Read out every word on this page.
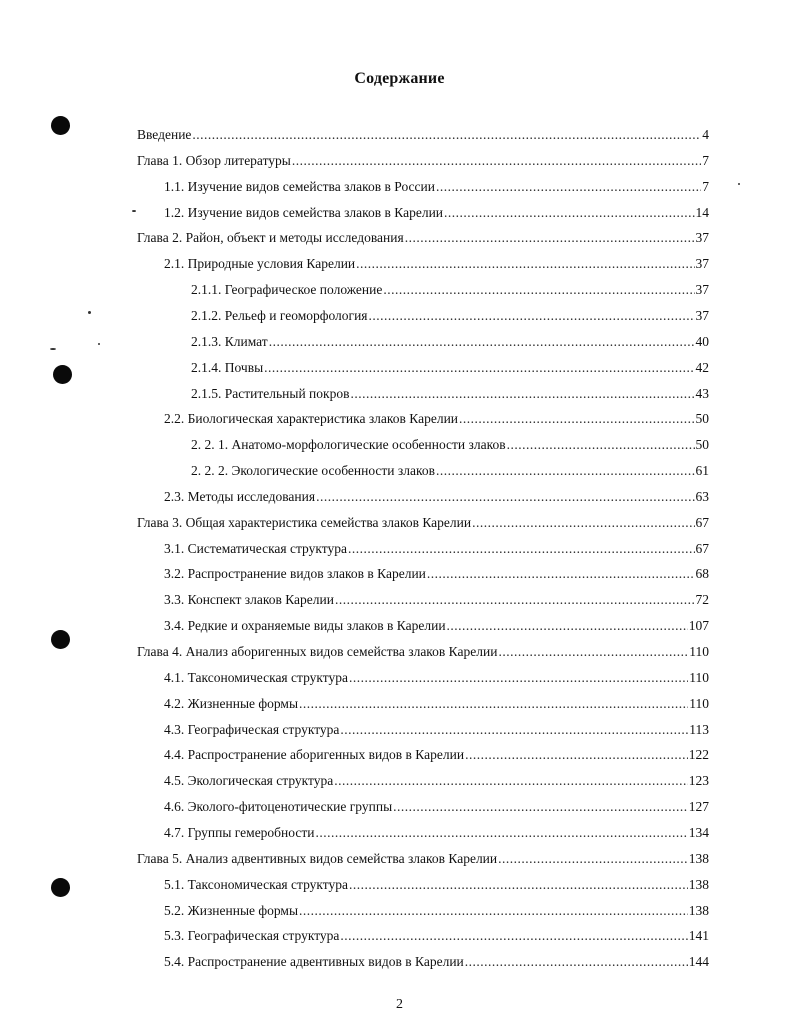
Содержание
Введение .....	4
Глава 1. Обзор литературы .....	7
1.1. Изучение видов семейства злаков в России .....	7
1.2. Изучение видов семейства злаков в Карелии .....	14
Глава 2. Район, объект и методы исследования .....	37
2.1. Природные условия Карелии .....	37
2.1.1. Географическое положение .....	37
2.1.2. Рельеф и геоморфология .....	37
2.1.3. Климат .....	40
2.1.4. Почвы .....	42
2.1.5. Растительный покров .....	43
2.2. Биологическая характеристика злаков Карелии .....	50
2. 2. 1. Анатомо-морфологические особенности злаков .....	50
2. 2. 2. Экологические особенности злаков .....	61
2.3. Методы исследования .....	63
Глава 3. Общая характеристика семейства злаков Карелии .....	67
3.1. Систематическая структура .....	67
3.2. Распространение видов злаков в Карелии .....	68
3.3. Конспект злаков Карелии .....	72
3.4. Редкие и охраняемые виды злаков в Карелии .....	107
Глава 4. Анализ аборигенных видов семейства злаков Карелии .....	110
4.1. Таксономическая структура .....	110
4.2. Жизненные формы .....	110
4.3. Географическая структура .....	113
4.4. Распространение аборигенных видов в Карелии .....	122
4.5. Экологическая структура .....	123
4.6. Эколого-фитоценотические группы .....	127
4.7. Группы гемеробности .....	134
Глава 5. Анализ адвентивных видов семейства злаков Карелии .....	138
5.1. Таксономическая структура .....	138
5.2. Жизненные формы .....	138
5.3. Географическая структура .....	141
5.4. Распространение адвентивных видов в Карелии .....	144
2
